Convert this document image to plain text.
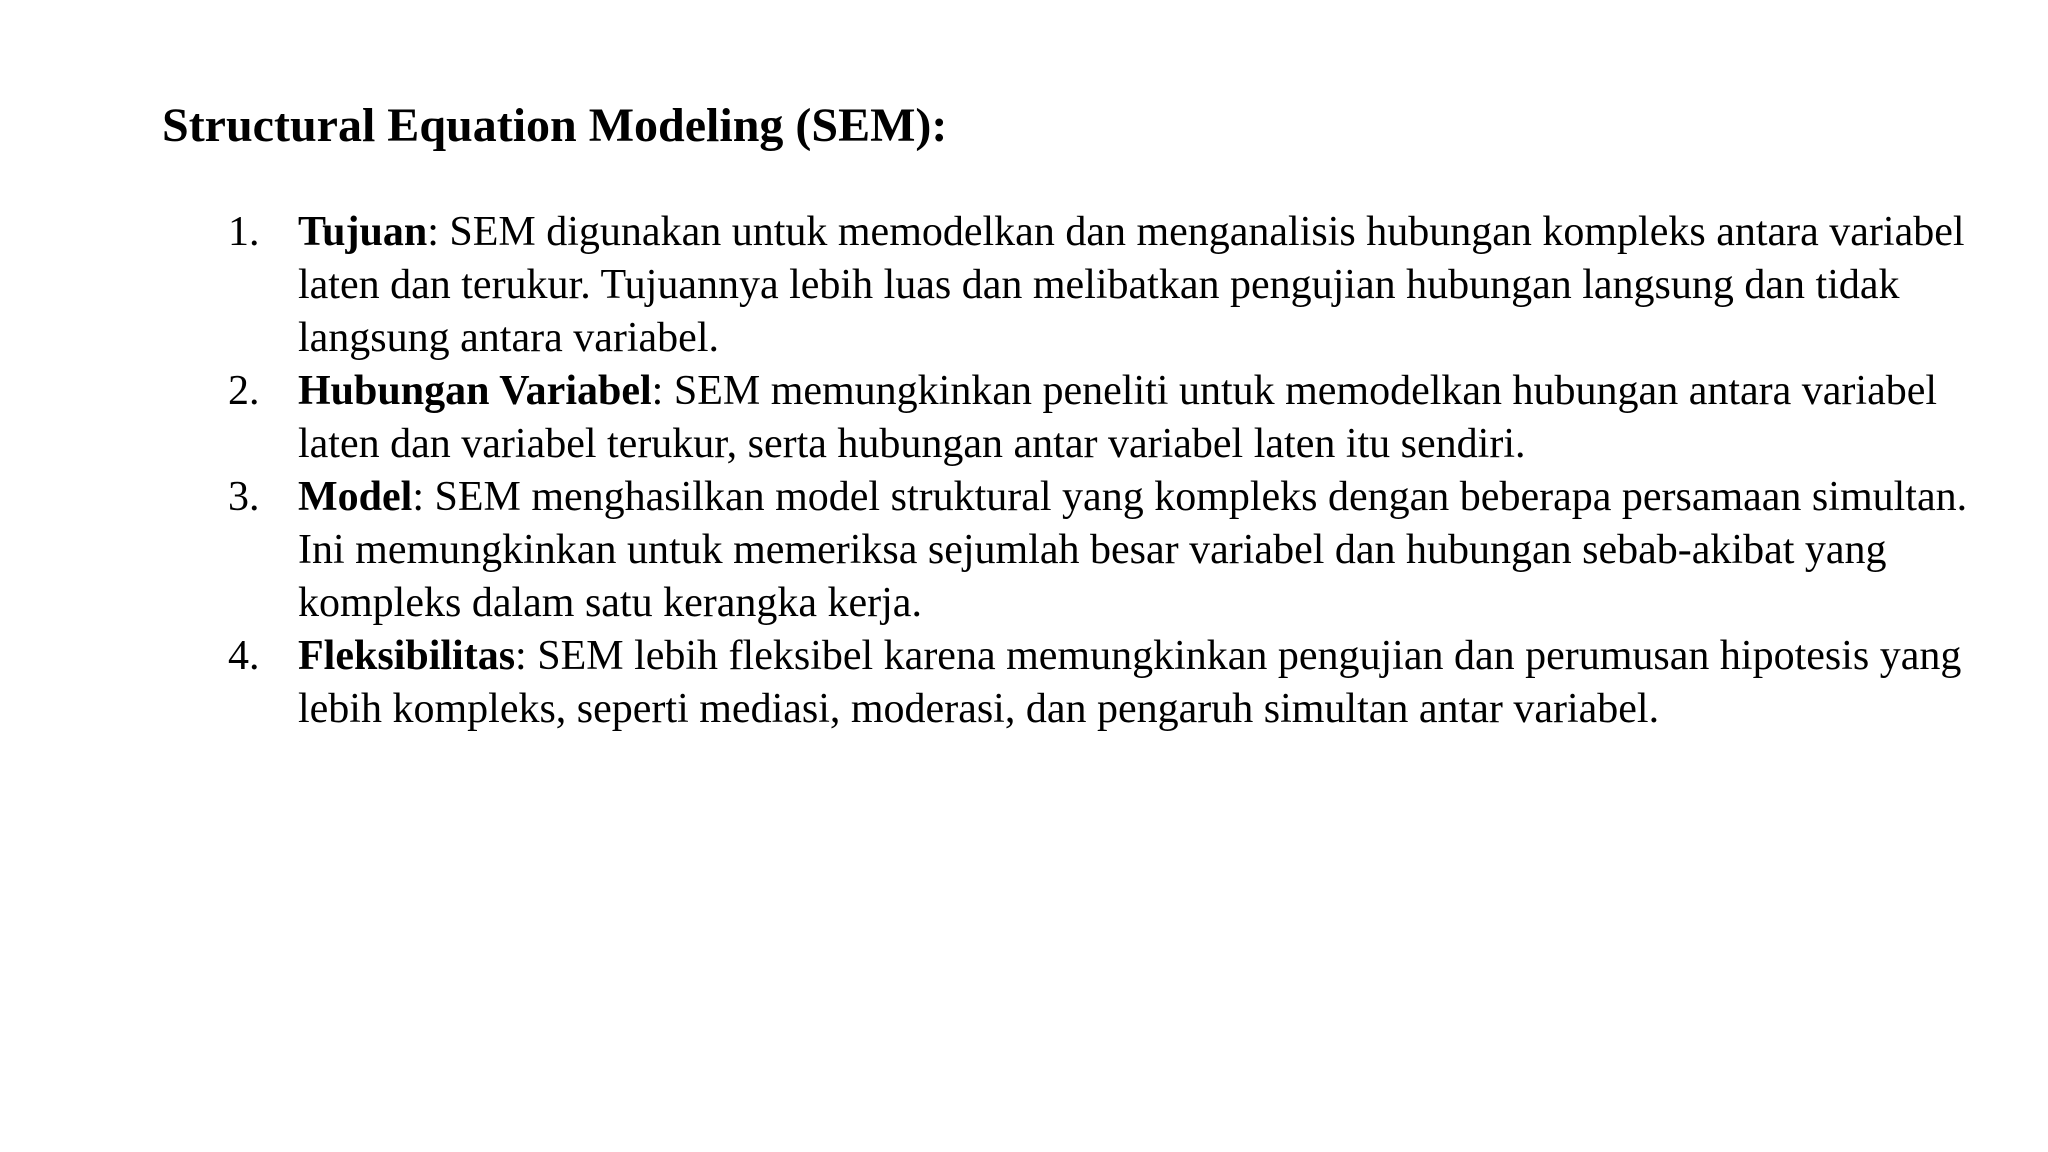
Structural Equation Modeling (SEM):
1. Tujuan: SEM digunakan untuk memodelkan dan menganalisis hubungan kompleks antara variabel laten dan terukur. Tujuannya lebih luas dan melibatkan pengujian hubungan langsung dan tidak langsung antara variabel.
2. Hubungan Variabel: SEM memungkinkan peneliti untuk memodelkan hubungan antara variabel laten dan variabel terukur, serta hubungan antar variabel laten itu sendiri.
3. Model: SEM menghasilkan model struktural yang kompleks dengan beberapa persamaan simultan. Ini memungkinkan untuk memeriksa sejumlah besar variabel dan hubungan sebab-akibat yang kompleks dalam satu kerangka kerja.
4. Fleksibilitas: SEM lebih fleksibel karena memungkinkan pengujian dan perumusan hipotesis yang lebih kompleks, seperti mediasi, moderasi, dan pengaruh simultan antar variabel.
